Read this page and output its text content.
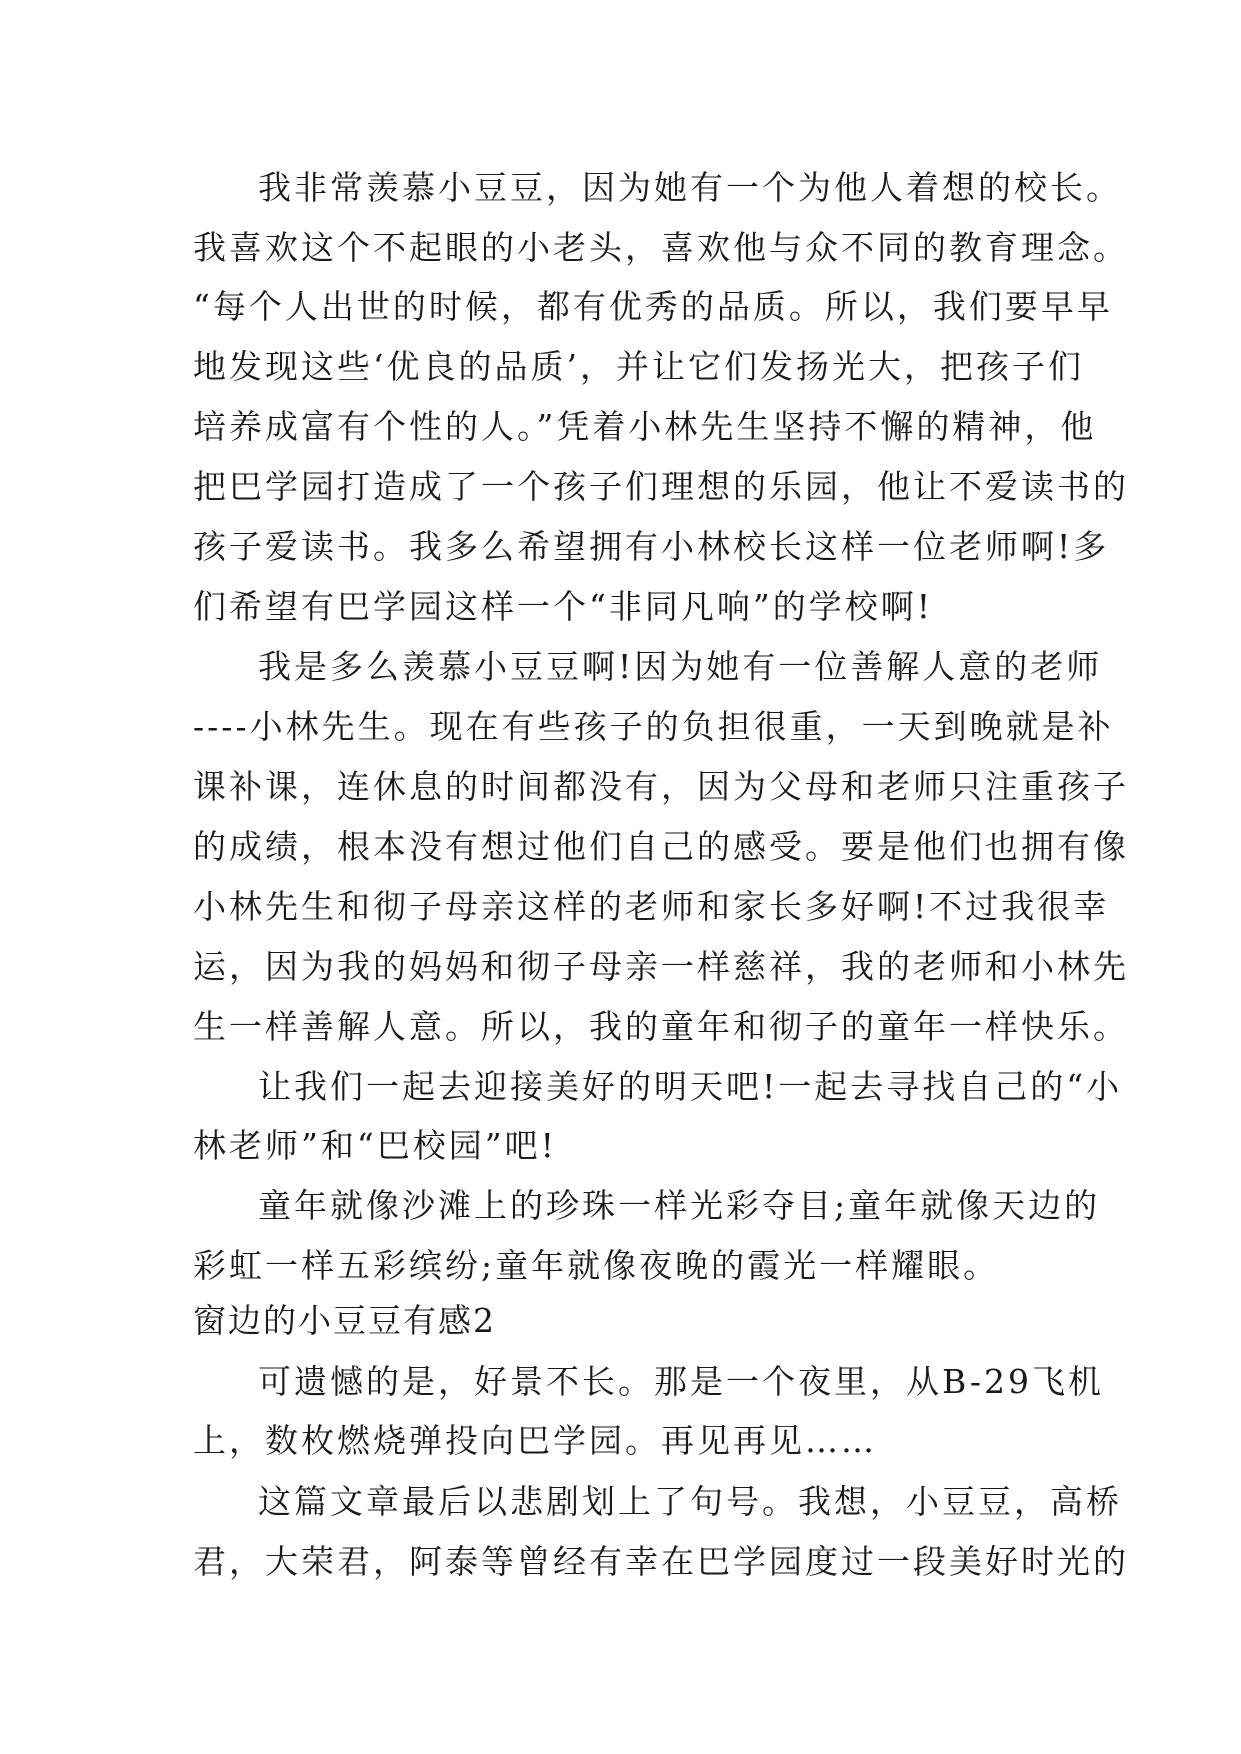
我非常羡慕小豆豆，因为她有一个为他人着想的校长。
我喜欢这个不起眼的小老头，喜欢他与众不同的教育理念。
“每个人出世的时候，都有优秀的品质。所以，我们要早早
地发现这些‘优良的品质’，并让它们发扬光大，把孩子们
培养成富有个性的人。”凭着小林先生坚持不懈的精神，他
把巴学园打造成了一个孩子们理想的乐园，他让不爱读书的
孩子爱读书。我多么希望拥有小林校长这样一位老师啊!多
们希望有巴学园这样一个“非同凡响”的学校啊!
我是多么羡慕小豆豆啊!因为她有一位善解人意的老师
----小林先生。现在有些孩子的负担很重，一天到晚就是补
课补课，连休息的时间都没有，因为父母和老师只注重孩子
的成绩，根本没有想过他们自己的感受。要是他们也拥有像
小林先生和彻子母亲这样的老师和家长多好啊!不过我很幸
运，因为我的妈妈和彻子母亲一样慈祥，我的老师和小林先
生一样善解人意。所以，我的童年和彻子的童年一样快乐。
让我们一起去迎接美好的明天吧!一起去寻找自己的“小
林老师”和“巴校园”吧!
童年就像沙滩上的珍珠一样光彩夺目;童年就像天边的
彩虹一样五彩缤纷;童年就像夜晚的霞光一样耀眼。
窗边的小豆豆有感2
可遗憾的是，好景不长。那是一个夜里，从B-29飞机
上，数枚燃烧弹投向巴学园。再见再见……
这篇文章最后以悲剧划上了句号。我想，小豆豆，高桥
君，大荣君，阿泰等曾经有幸在巴学园度过一段美好时光的
